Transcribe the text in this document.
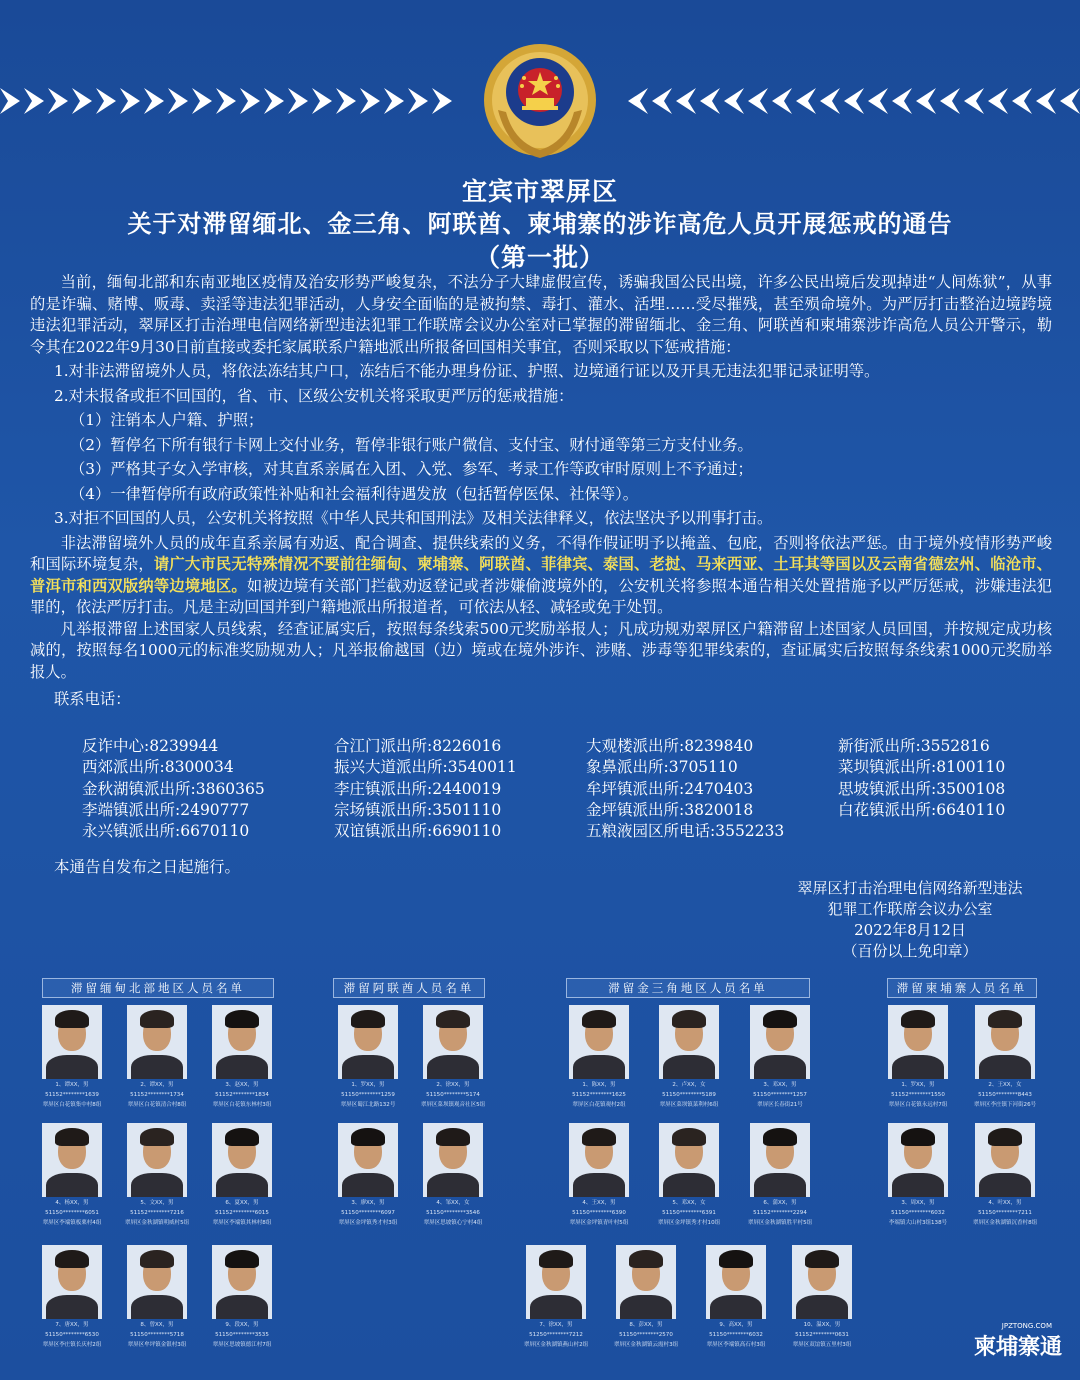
宜宾市翠屏区
关于对滞留缅北、金三角、阿联酋、柬埔寨的涉诈高危人员开展惩戒的通告
（第一批）

当前，缅甸北部和东南亚地区疫情及治安形势严峻复杂，不法分子大肆虚假宣传，诱骗我国公民出境，许多公民出境后发现掉进“人间炼狱”，从事的是诈骗、赌博、贩毒、卖淫等违法犯罪活动，人身安全面临的是被拘禁、毒打、灌水、活埋……受尽摧残，甚至殒命境外。为严厉打击整治边境跨境违法犯罪活动，翠屏区打击治理电信网络新型违法犯罪工作联席会议办公室对已掌握的滞留缅北、金三角、阿联酋和柬埔寨涉诈高危人员公开警示，勒令其在2022年9月30日前直接或委托家属联系户籍地派出所报备回国相关事宜，否则采取以下惩戒措施：

1.对非法滞留境外人员，将依法冻结其户口，冻结后不能办理身份证、护照、边境通行证以及开具无违法犯罪记录证明等。

2.对未报备或拒不回国的，省、市、区级公安机关将采取更严厉的惩戒措施：

（1）注销本人户籍、护照；

（2）暂停名下所有银行卡网上交付业务，暂停非银行账户微信、支付宝、财付通等第三方支付业务。

（3）严格其子女入学审核，对其直系亲属在入团、入党、参军、考录工作等政审时原则上不予通过；

（4）一律暂停所有政府政策性补贴和社会福利待遇发放（包括暂停医保、社保等）。

3.对拒不回国的人员，公安机关将按照《中华人民共和国刑法》及相关法律释义，依法坚决予以刑事打击。

非法滞留境外人员的成年直系亲属有劝返、配合调查、提供线索的义务，不得作假证明予以掩盖、包庇，否则将依法严惩。由于境外疫情形势严峻和国际环境复杂，请广大市民无特殊情况不要前往缅甸、柬埔寨、阿联酋、菲律宾、泰国、老挝、马来西亚、土耳其等国以及云南省德宏州、临沧市、普洱市和西双版纳等边境地区。如被边境有关部门拦截劝返登记或者涉嫌偷渡境外的，公安机关将参照本通告相关处置措施予以严厉惩戒，涉嫌违法犯罪的，依法严厉打击。凡是主动回国并到户籍地派出所报道者，可依法从轻、减轻或免于处罚。

凡举报滞留上述国家人员线索，经查证属实后，按照每条线索500元奖励举报人；凡成功规劝翠屏区户籍滞留上述国家人员回国，并按规定成功核减的，按照每名1000元的标准奖励规劝人；凡举报偷越国（边）境或在境外涉诈、涉赌、涉毒等犯罪线索的，查证属实后按照每条线索1000元奖励举报人。

联系电话：

反诈中心:8239944
西郊派出所:8300034
金秋湖镇派出所:3860365
李端镇派出所:2490777
永兴镇派出所:6670110
合江门派出所:8226016
振兴大道派出所:3540011
李庄镇派出所:2440019
宗场镇派出所:3501110
双谊镇派出所:6690110
大观楼派出所:8239840
象鼻派出所:3705110
牟坪镇派出所:2470403
金坪镇派出所:3820018
五粮液园区所电话:3552233
新街派出所:3552816
菜坝镇派出所:8100110
思坡镇派出所:3500108
白花镇派出所:6640110
本通告自发布之日起施行。
翠屏区打击治理电信网络新型违法
犯罪工作联席会议办公室
2022年8月12日
（百份以上免印章）
滞留缅甸北部地区人员名单	滞留阿联酋人员名单	滞留金三角地区人员名单	滞留柬埔寨人员名单
1、谭XX，男
51152********1639
翠屏区白花镇集中村8组
2、谭XX，男
51152********1734
翠屏区白花镇清合村8组
3、赵XX，男
51152********1834
翠屏区白花镇东林村3组
4、杨XX，男
51150********6051
翠屏区李端镇板栗村4组
5、文XX，男
51152********7216
翠屏区金秋湖镇明威村5组
6、夏XX，男
51152********6015
翠屏区李端镇其林村8组
7、唐XX，男
51150********6530
翠屏区李庄镇长庆村2组
8、曾XX，男
51150********5718
翠屏区牟坪镇金银村3组
9、段XX，男
51150********3535
翠屏区思坡镇德江村7组
1、罗XX，男
51150********1259
翠屏区蜀江北路132号
2、徐XX，男
51150********5174
翠屏区菜坝镇观音社区5组
3、廖XX，男
51150********6097
翠屏区金坪镇秀才村3组
4、邹XX，女
51150********3546
翠屏区思坡镇心宁村4组
1、陈XX，男
51152********1625
翠屏区白花镇观村2组
2、卢XX，女
51150********5189
翠屏区菜坝镇菜利村6组
3、邓XX，男
51150********1257
翠屏区长春街21号
4、王XX，男
51150********6390
翠屏区金坪镇青叶村5组
5、邓XX，女
51150********6391
翠屏区金坪镇秀才村10组
6、蒲XX，男
51152********2294
翠屏区金秋湖镇胜平村5组
7、徐XX，男
51250********7212
翠屏区金秋湖镇燕山村2组
8、彭XX，男
51150********2570
翠屏区金秋湖镇云霞村3组
9、高XX，男
51150********6032
翠屏区李端镇高石村3组
10、温XX，男
51152********0631
翠屏区双谊镇五里村3组
1、罗XX，男
51152********1550
翠屏区白花镇永远村7组
2、王XX，女
51150********8443
翠屏区李庄镇下河街26号
3、周XX，男
51150********6032
李端镇大山村3组138号
4、叶XX，男
51150********7211
翠屏区金秋湖镇沉香村8组
JPZTONG.COM
柬埔寨通
